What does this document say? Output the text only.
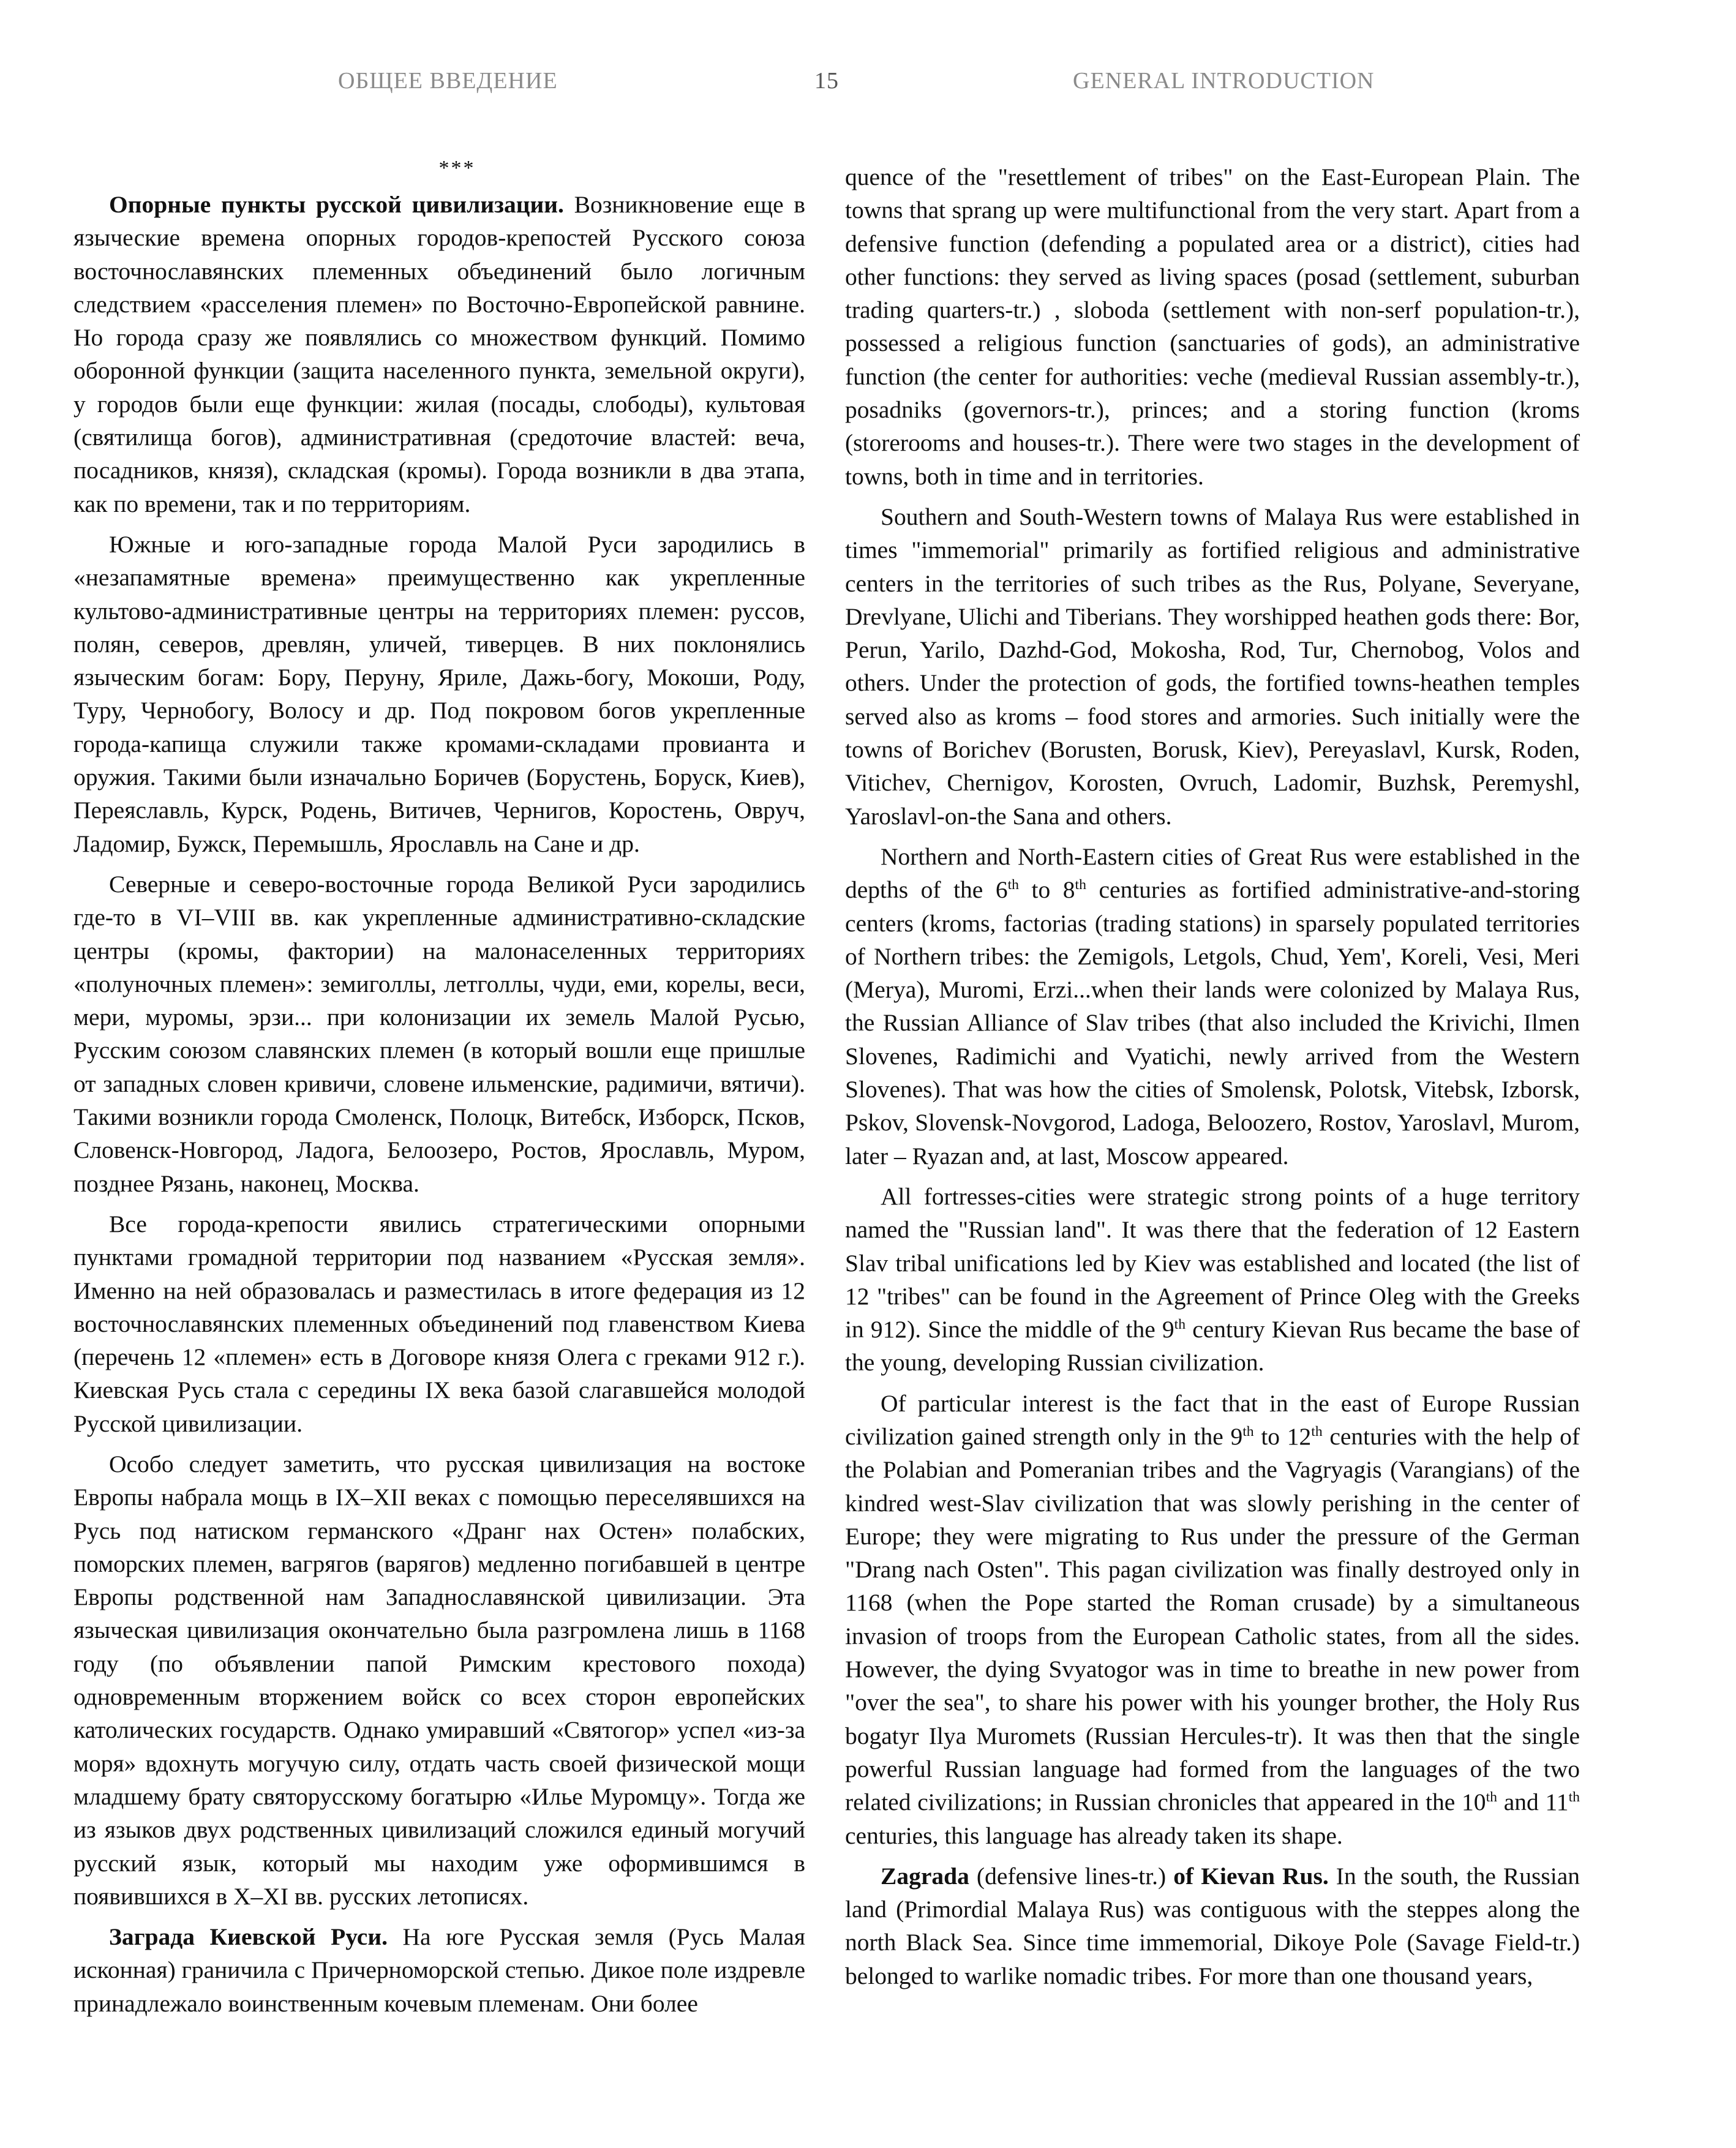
ОБЩЕЕ ВВЕДЕНИЕ	15	GENERAL INTRODUCTION

***

Опорные пункты русской цивилизации. Возникновение еще в языческие времена опорных городов-крепостей Русского союза восточнославянских племенных объединений было логичным следствием «расселения племен» по Восточно-Европейской равнине. Но города сразу же появлялись со множеством функций. Помимо оборонной функции (защита населенного пункта, земельной округи), у городов были еще функции: жилая (посады, слободы), культовая (святилища богов), административная (средоточие властей: веча, посадников, князя), складская (кромы). Города возникли в два этапа, как по времени, так и по территориям.

Южные и юго-западные города Малой Руси зародились в «незапамятные времена» преимущественно как укрепленные культово-административные центры на территориях племен: руссов, полян, северов, древлян, уличей, тиверцев. В них поклонялись языческим богам: Бору, Перуну, Яриле, Дажь-богу, Мокоши, Роду, Туру, Чернобогу, Волосу и др. Под покровом богов укрепленные города-капища служили также кромами-складами провианта и оружия. Такими были изначально Боричев (Борустень, Боруск, Киев), Переяславль, Курск, Родень, Витичев, Чернигов, Коростень, Овруч, Ладомир, Бужск, Перемышль, Ярославль на Сане и др.

Северные и северо-восточные города Великой Руси зародились где-то в VI–VIII вв. как укрепленные административно-складские центры (кромы, фактории) на малонаселенных территориях «полуночных племен»: земиголлы, летголлы, чуди, еми, корелы, веси, мери, муромы, эрзи... при колонизации их земель Малой Русью, Русским союзом славянских племен (в который вошли еще пришлые от западных словен кривичи, словене ильменские, радимичи, вятичи). Такими возникли города Смоленск, Полоцк, Витебск, Изборск, Псков, Словенск-Новгород, Ладога, Белоозеро, Ростов, Ярославль, Муром, позднее Рязань, наконец, Москва.

Все города-крепости явились стратегическими опорными пунктами громадной территории под названием «Русская земля». Именно на ней образовалась и разместилась в итоге федерация из 12 восточнославянских племенных объединений под главенством Киева (перечень 12 «племен» есть в Договоре князя Олега с греками 912 г.). Киевская Русь стала с середины IX века базой слагавшейся молодой Русской цивилизации.

Особо следует заметить, что русская цивилизация на востоке Европы набрала мощь в IX–XII веках с помощью переселявшихся на Русь под натиском германского «Дранг нах Остен» полабских, поморских племен, вагрягов (варягов) медленно погибавшей в центре Европы родственной нам Западнославянской цивилизации. Эта языческая цивилизация окончательно была разгромлена лишь в 1168 году (по объявлении папой Римским крестового похода) одновременным вторжением войск со всех сторон европейских католических государств. Однако умиравший «Святогор» успел «из-за моря» вдохнуть могучую силу, отдать часть своей физической мощи младшему брату святорусскому богатырю «Илье Муромцу». Тогда же из языков двух родственных цивилизаций сложился единый могучий русский язык, который мы находим уже оформившимся в появившихся в X–XI вв. русских летописях.

Заграда Киевской Руси. На юге Русская земля (Русь Малая исконная) граничила с Причерноморской степью. Дикое поле издревле принадлежало воинственным кочевым племенам. Они более

quence of the "resettlement of tribes" on the East-European Plain. The towns that sprang up were multifunctional from the very start. Apart from a defensive function (defending a populated area or a district), cities had other functions: they served as living spaces (posad (settlement, suburban trading quarters-tr.) , sloboda (settlement with non-serf population-tr.), possessed a religious function (sanctuaries of gods), an administrative function (the center for authorities: veche (medieval Russian assembly-tr.), posadniks (governors-tr.), princes; and a storing function (kroms (storerooms and houses-tr.). There were two stages in the development of towns, both in time and in territories.

Southern and South-Western towns of Malaya Rus were established in times "immemorial" primarily as fortified religious and administrative centers in the territories of such tribes as the Rus, Polyane, Severyane, Drevlyane, Ulichi and Tiberians. They worshipped heathen gods there: Bor, Perun, Yarilo, Dazhd-God, Mokosha, Rod, Tur, Chernobog, Volos and others. Under the protection of gods, the fortified towns-heathen temples served also as kroms – food stores and armories. Such initially were the towns of Borichev (Borusten, Borusk, Kiev), Pereyaslavl, Kursk, Roden, Vitichev, Chernigov, Korosten, Ovruch, Ladomir, Buzhsk, Peremyshl, Yaroslavl-on-the Sana and others.

Northern and North-Eastern cities of Great Rus were established in the depths of the 6th to 8th centuries as fortified administrative-and-storing centers (kroms, factorias (trading stations) in sparsely populated territories of Northern tribes: the Zemigols, Letgols, Chud, Yem', Koreli, Vesi, Meri (Merya), Muromi, Erzi...when their lands were colonized by Malaya Rus, the Russian Alliance of Slav tribes (that also included the Krivichi, Ilmen Slovenes, Radimichi and Vyatichi, newly arrived from the Western Slovenes). That was how the cities of Smolensk, Polotsk, Vitebsk, Izborsk, Pskov, Slovensk-Novgorod, Ladoga, Beloozero, Rostov, Yaroslavl, Murom, later – Ryazan and, at last, Moscow appeared.

All fortresses-cities were strategic strong points of a huge territory named the "Russian land". It was there that the federation of 12 Eastern Slav tribal unifications led by Kiev was established and located (the list of 12 "tribes" can be found in the Agreement of Prince Oleg with the Greeks in 912). Since the middle of the 9th century Kievan Rus became the base of the young, developing Russian civilization.

Of particular interest is the fact that in the east of Europe Russian civilization gained strength only in the 9th to 12th centuries with the help of the Polabian and Pomeranian tribes and the Vagryagis (Varangians) of the kindred west-Slav civilization that was slowly perishing in the center of Europe; they were migrating to Rus under the pressure of the German "Drang nach Osten". This pagan civilization was finally destroyed only in 1168 (when the Pope started the Roman crusade) by a simultaneous invasion of troops from the European Catholic states, from all the sides. However, the dying Svyatogor was in time to breathe in new power from "over the sea", to share his power with his younger brother, the Holy Rus bogatyr Ilya Muromets (Russian Hercules-tr). It was then that the single powerful Russian language had formed from the languages of the two related civilizations; in Russian chronicles that appeared in the 10th and 11th centuries, this language has already taken its shape.

Zagrada (defensive lines-tr.) of Kievan Rus. In the south, the Russian land (Primordial Malaya Rus) was contiguous with the steppes along the north Black Sea. Since time immemorial, Dikoye Pole (Savage Field-tr.) belonged to warlike nomadic tribes. For more than one thousand years,
